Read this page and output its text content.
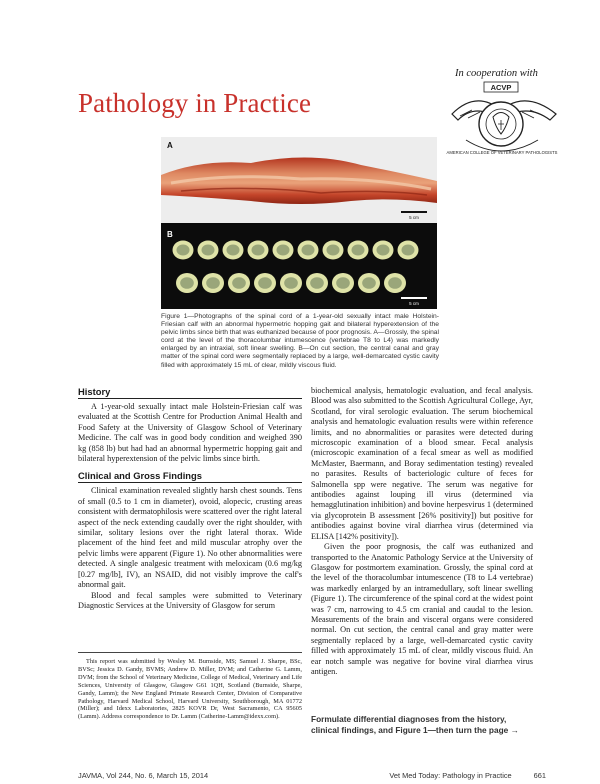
In cooperation with
ACVP
AMERICAN COLLEGE OF VETERINARY PATHOLOGISTS
Pathology in Practice
A
5 cm
B
5 cm
Figure 1—Photographs of the spinal cord of a 1-year-old sexually intact male Holstein-Friesian calf with an abnormal hypermetric hopping gait and bilateral hyperextension of the pelvic limbs since birth that was euthanized because of poor prognosis. A—Grossly, the spinal cord at the level of the thoracolumbar intumescence (vertebrae T8 to L4) was markedly enlarged by an intraxial, soft linear swelling. B—On cut section, the central canal and gray matter of the spinal cord were segmentally replaced by a large, well-demarcated cystic cavity filled with approximately 15 mL of clear, mildly viscous fluid.
History

A 1-year-old sexually intact male Holstein-Friesian calf was evaluated at the Scottish Centre for Production Animal Health and Food Safety at the University of Glasgow School of Veterinary Medicine. The calf was in good body condition and weighed 390 kg (858 lb) but had had an abnormal hypermetric hopping gait and bilateral hyperextension of the pelvic limbs since birth.

Clinical and Gross Findings

Clinical examination revealed slightly harsh chest sounds. Tens of small (0.5 to 1 cm in diameter), ovoid, alopecic, crusting areas consistent with dermatophilosis were scattered over the right lateral aspect of the neck extending caudally over the right shoulder, with similar, solitary lesions over the right lateral thorax. Wide placement of the hind feet and mild muscular atrophy over the pelvic limbs were apparent (Figure 1). No other abnormalities were detected. A single analgesic treatment with meloxicam (0.6 mg/kg [0.27 mg/lb], IV), an NSAID, did not visibly improve the calf's abnormal gait.

Blood and fecal samples were submitted to Veterinary Diagnostic Services at the University of Glasgow for serum

This report was submitted by Wesley M. Burnside, MS; Samuel J. Sharpe, BSc, BVSc; Jessica D. Gandy, BVMS; Andrew D. Miller, DVM; and Catherine G. Lamm, DVM; from the School of Veterinary Medicine, College of Medical, Veterinary and Life Sciences, University of Glasgow, Glasgow G61 1QH, Scotland (Burnside, Sharpe, Gandy, Lamm); the New England Primate Research Center, Division of Comparative Pathology, Harvard Medical School, Harvard University, Southborough, MA 01772 (Miller); and Idexx Laboratories, 2825 KOVR Dr, West Sacramento, CA 95605 (Lamm). Address correspondence to Dr. Lamm (Catherine-Lamm@idexx.com).

biochemical analysis, hematologic evaluation, and fecal analysis. Blood was also submitted to the Scottish Agricultural College, Ayr, Scotland, for viral serologic evaluation. The serum biochemical analysis and hematologic evaluation results were within reference limits, and no abnormalities or parasites were detected during microscopic examination of a blood smear. Fecal analysis (microscopic examination of a fecal smear as well as modified McMaster, Baermann, and Boray sedimentation testing) revealed no parasites. Results of bacteriologic culture of feces for Salmonella spp were negative. The serum was negative for antibodies against louping ill virus (determined via hemagglutination inhibition) and bovine herpesvirus 1 (determined via glycoprotein B assessment [26% positivity]) but positive for antibodies against bovine viral diarrhea virus (determined via ELISA [142% positivity]).

Given the poor prognosis, the calf was euthanized and transported to the Anatomic Pathology Service at the University of Glasgow for postmortem examination. Grossly, the spinal cord at the level of the thoracolumbar intumescence (T8 to L4 vertebrae) was markedly enlarged by an intramedullary, soft linear swelling (Figure 1). The circumference of the spinal cord at the widest point was 7 cm, narrowing to 4.5 cm cranial and caudal to the lesion. Measurements of the brain and visceral organs were considered normal. On cut section, the central canal and gray matter were segmentally replaced by a large, well-demarcated cystic cavity filled with approximately 15 mL of clear, mildly viscous fluid. An ear notch sample was negative for bovine viral diarrhea virus antigen.

Formulate differential diagnoses from the history, clinical findings, and Figure 1—then turn the page →
JAVMA, Vol 244, No. 6, March 15, 2014	Vet Med Today: Pathology in Practice	661
